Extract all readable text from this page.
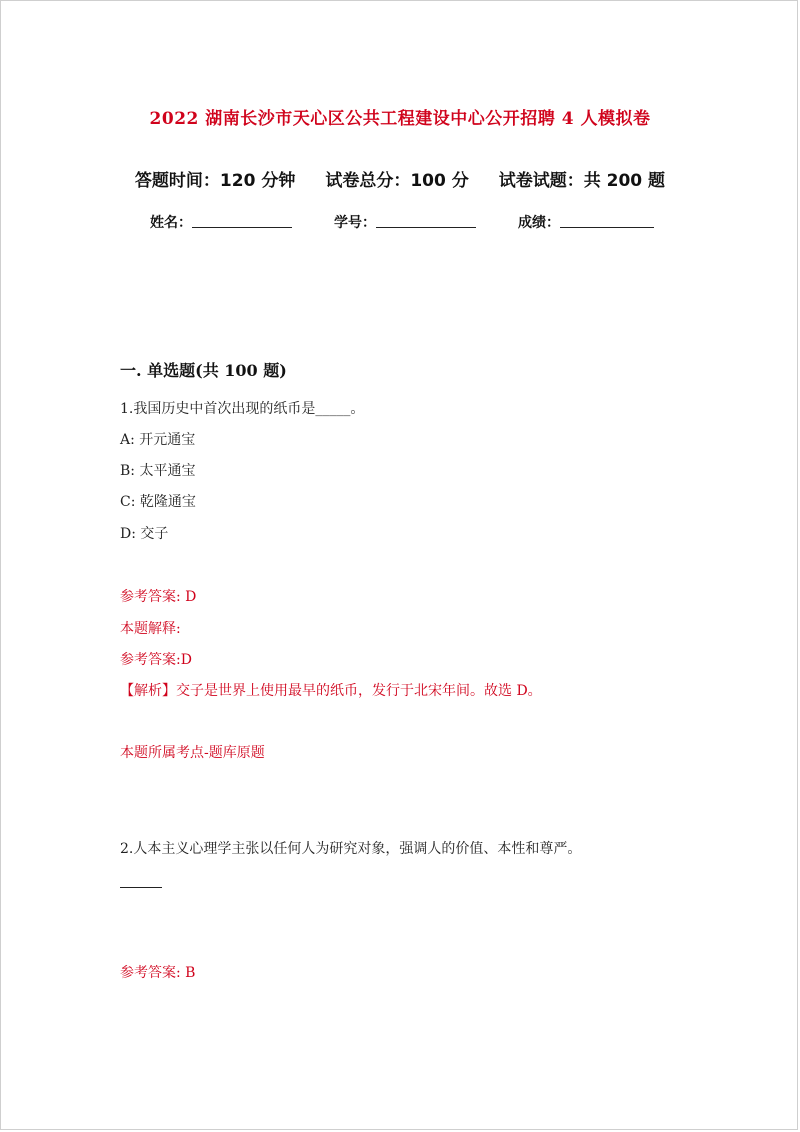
2022 湖南长沙市天心区公共工程建设中心公开招聘 4 人模拟卷
答题时间：120 分钟 试卷总分：100 分 试卷试题：共 200 题
姓名：	学号：	成绩：
一. 单选题(共 100 题)
1.我国历史中首次出现的纸币是_____。
A: 开元通宝
B: 太平通宝
C: 乾隆通宝
D: 交子
参考答案: D
本题解释:
参考答案:D
【解析】交子是世界上使用最早的纸币，发行于北宋年间。故选 D。
本题所属考点-题库原题
2.人本主义心理学主张以任何人为研究对象，强调人的价值、本性和尊严。
参考答案: B
